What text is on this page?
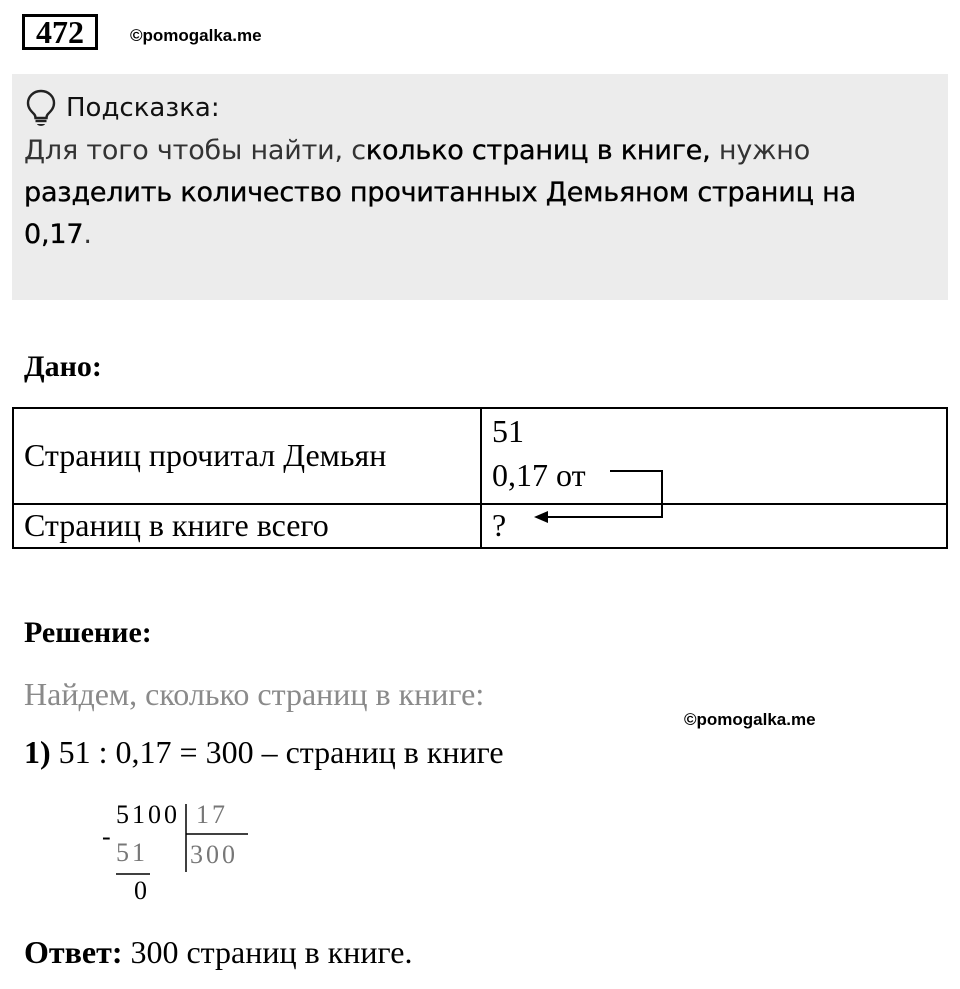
472	©pomogalka.me
Подсказка:
Для того чтобы найти, сколько страниц в книге, нужно
разделить количество прочитанных Демьяном страниц на
0,17.
Дано:
Страниц прочитал Демьян
51
0,17 от
Страниц в книге всего	?
Решение:
Найдем, сколько страниц в книге:
©pomogalka.me
1) 51 : 0,17 = 300 – страниц в книге
5100 17
-
51 300
0
Ответ: 300 страниц в книге.
